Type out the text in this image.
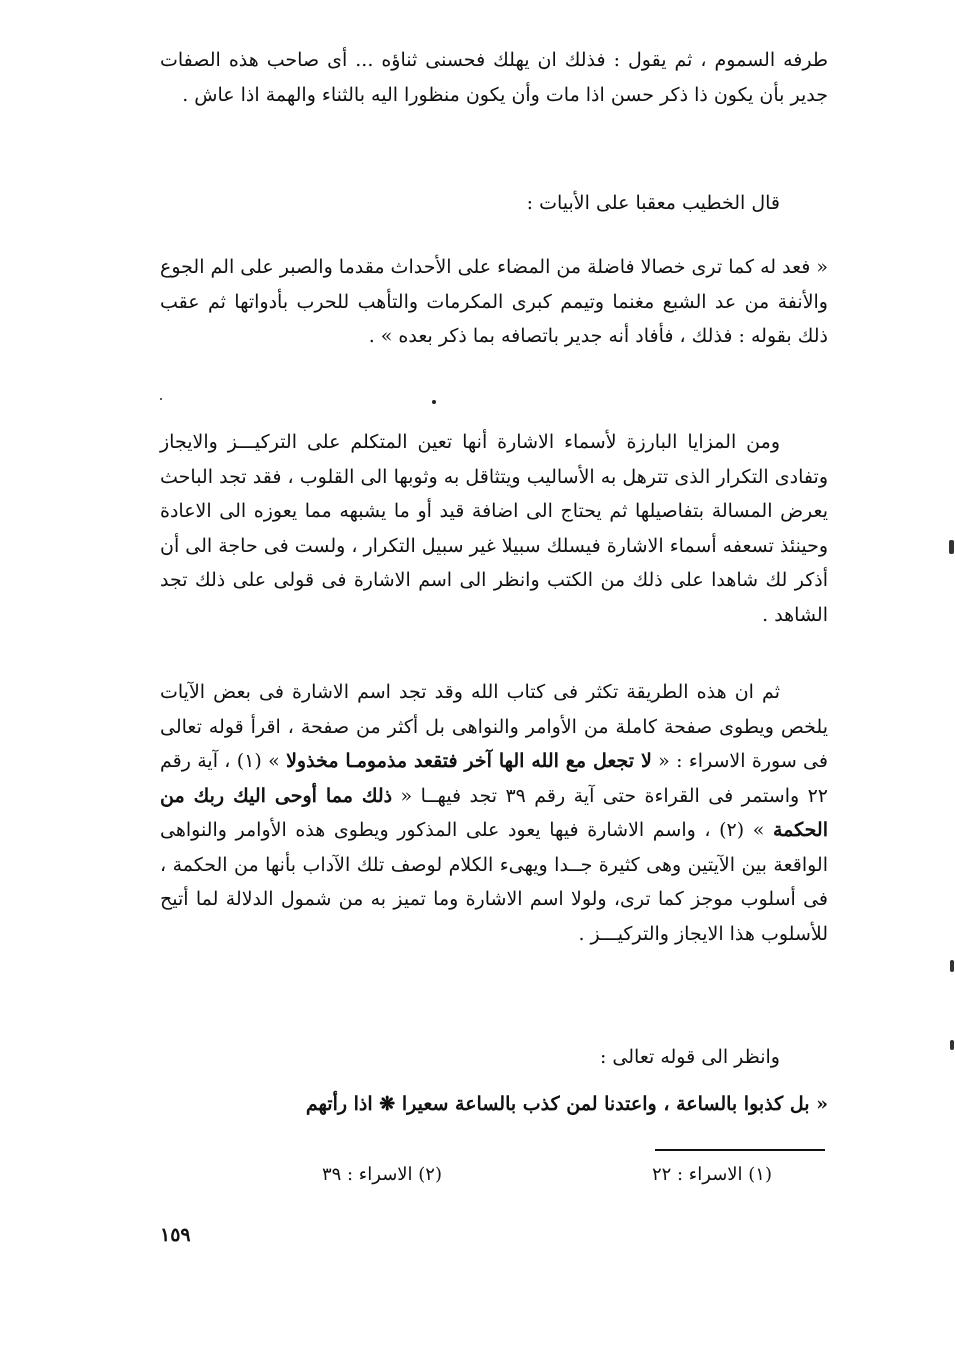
طرفه السموم ، ثم يقول : فذلك ان يهلك فحسنى ثناؤه ... أى صاحب هذه الصفات جدير بأن يكون ذا ذكر حسن اذا مات وأن يكون منظورا اليه بالثناء والهمة اذا عاش .

قال الخطيب معقبا على الأبيات :

« فعد له كما ترى خصالا فاضلة من المضاء على الأحداث مقدما والصبر على الم الجوع والأنفة من عد الشبع مغنما وتيمم كبرى المكرمات والتأهب للحرب بأدواتها ثم عقب ذلك بقوله : فذلك ، فأفاد أنه جدير باتصافه بما ذكر بعده » .

ومن المزايا البارزة لأسماء الاشارة أنها تعين المتكلم على التركيـــز والايجاز وتفادى التكرار الذى تترهل به الأساليب ويتثاقل به وثوبها الى القلوب ، فقد تجد الباحث يعرض المسالة بتفاصيلها ثم يحتاج الى اضافة قيد أو ما يشبهه مما يعوزه الى الاعادة وحينئذ تسعفه أسماء الاشارة فيسلك سبيلا غير سبيل التكرار ، ولست فى حاجة الى أن أذكر لك شاهدا على ذلك من الكتب وانظر الى اسم الاشارة فى قولى على ذلك تجد الشاهد .

ثم ان هذه الطريقة تكثر فى كتاب الله وقد تجد اسم الاشارة فى بعض الآيات يلخص ويطوى صفحة كاملة من الأوامر والنواهى بل أكثر من صفحة ، اقرأ قوله تعالى فى سورة الاسراء : « لا تجعل مع الله الها آخر فتقعد مذمومـا مخذولا » (١) ، آية رقم ٢٢ واستمر فى القراءة حتى آية رقم ٣٩ تجد فيهــا « ذلك مما أوحى اليك ربك من الحكمة » (٢) ، واسم الاشارة فيها يعود على المذكور ويطوى هذه الأوامر والنواهى الواقعة بين الآيتين وهى كثيرة جــدا ويهىء الكلام لوصف تلك الآداب بأنها من الحكمة ، فى أسلوب موجز كما ترى، ولولا اسم الاشارة وما تميز به من شمول الدلالة لما أتيح للأسلوب هذا الايجاز والتركيـــز .

وانظر الى قوله تعالى :

« بل كذبوا بالساعة ، واعتدنا لمن كذب بالساعة سعيرا ❋ اذا رأتهم

(١) الاسراء : ٢٢
(٢) الاسراء : ٣٩
١٥٩
